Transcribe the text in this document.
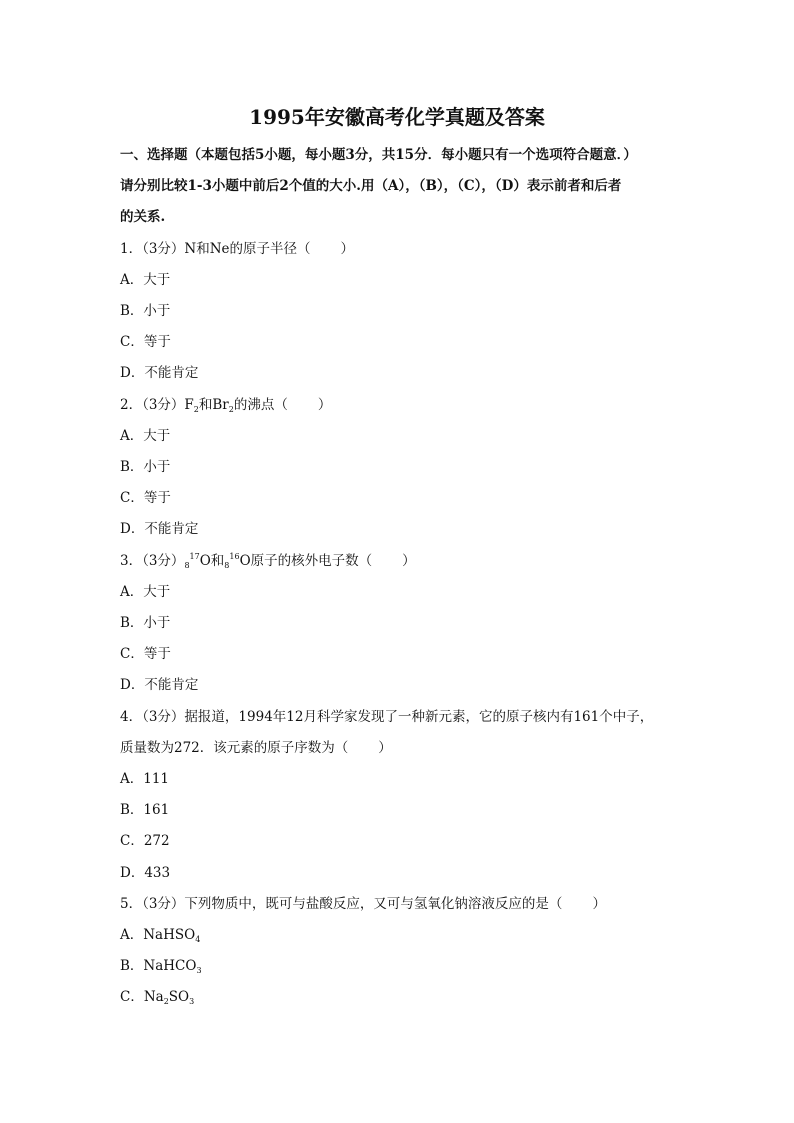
1995年安徽高考化学真题及答案
一、选择题（本题包括5小题，每小题3分，共15分．每小题只有一个选项符合题意．）
请分别比较1-3小题中前后2个值的大小.用（A），（B），（C），（D）表示前者和后者
的关系.
1．（3分）N和Ne的原子半径（ ）
A．大于
B．小于
C．等于
D．不能肯定
2．（3分）$F_2$和$Br_2$的沸点（ ）
A．大于
B．小于
C．等于
D．不能肯定
3．（3分）$_8^{17}O$和$_8^{16}$O原子的核外电子数（ ）
A．大于
B．小于
C．等于
D．不能肯定
4．（3分）据报道，1994年12月科学家发现了一种新元素，它的原子核内有161个中子，
质量数为272．该元素的原子序数为（ ）
A．111
B．161
C．272
D．433
5．（3分）下列物质中，既可与盐酸反应，又可与氢氧化钠溶液反应的是（ ）
A．NaHSO$_4$
B．NaHCO$_3$
C．$Na_2SO_3$
